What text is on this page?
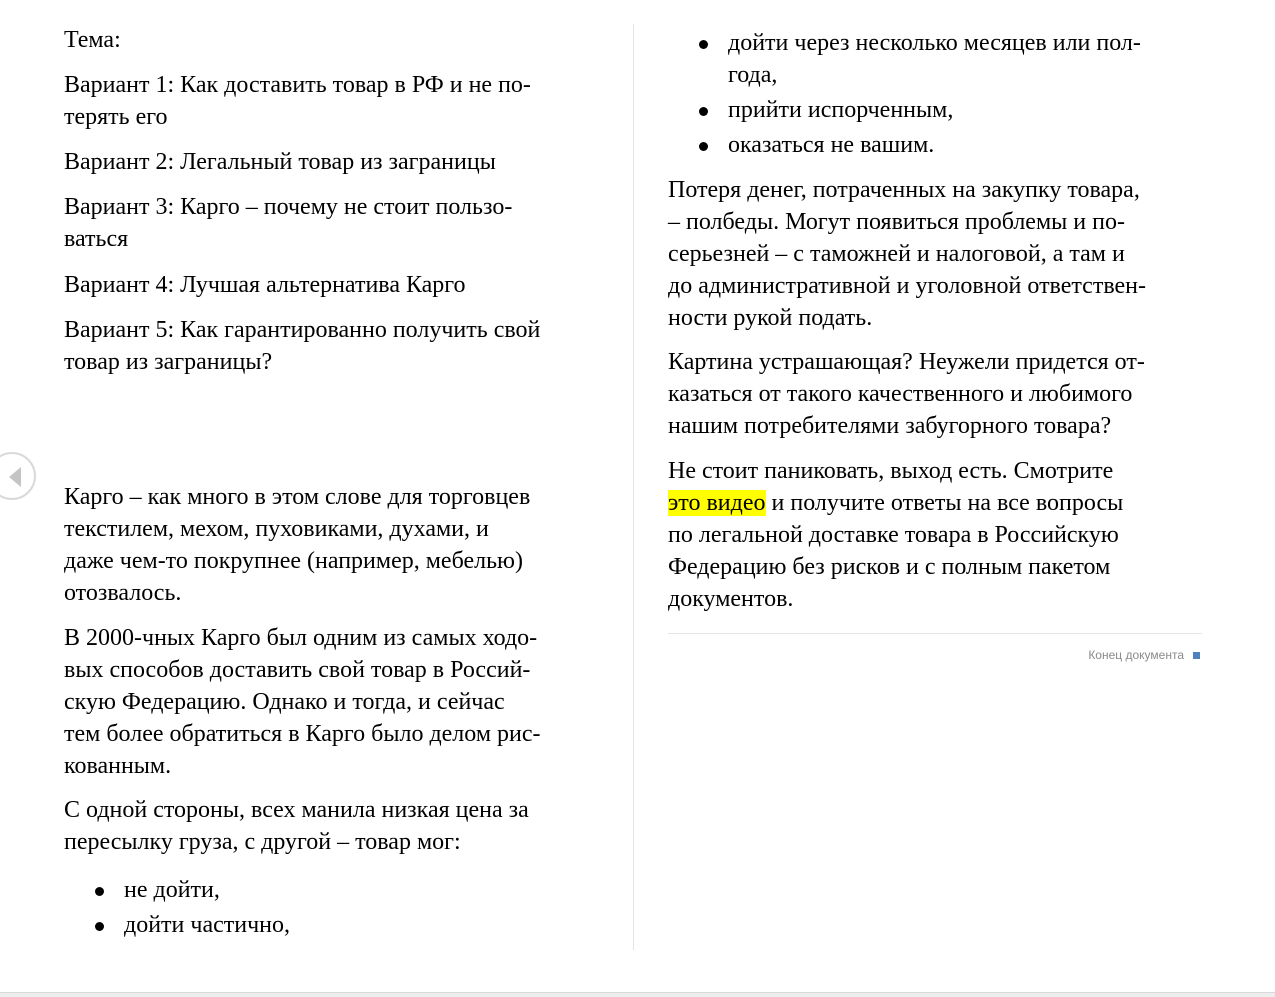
Тема:

Вариант 1: Как доставить товар в РФ и не по-
терять его

Вариант 2: Легальный товар из заграницы

Вариант 3: Карго – почему не стоит пользо-
ваться

Вариант 4: Лучшая альтернатива Карго

Вариант 5: Как гарантированно получить свой
товар из заграницы?

Карго – как много в этом слове для торговцев
текстилем, мехом, пуховиками, духами, и
даже чем-то покрупнее (например, мебелью)
отозвалось.

В 2000-чных Карго был одним из самых ходо-
вых способов доставить свой товар в Россий-
скую Федерацию. Однако и тогда, и сейчас
тем более обратиться в Карго было делом рис-
кованным.

С одной стороны, всех манила низкая цена за
пересылку груза, с другой – товар мог:

не дойти,
дойти частично,
дойти через несколько месяцев или пол-
года,
прийти испорченным,
оказаться не вашим.

Потеря денег, потраченных на закупку товара,
– полбеды. Могут появиться проблемы и по-
серьезней – с таможней и налоговой, а там и
до административной и уголовной ответствен-
ности рукой подать.

Картина устрашающая? Неужели придется от-
казаться от такого качественного и любимого
нашим потребителями забугорного товара?

Не стоит паниковать, выход есть. Смотрите
это видео и получите ответы на все вопросы
по легальной доставке товара в Российскую
Федерацию без рисков и с полным пакетом
документов.

Конец документа
